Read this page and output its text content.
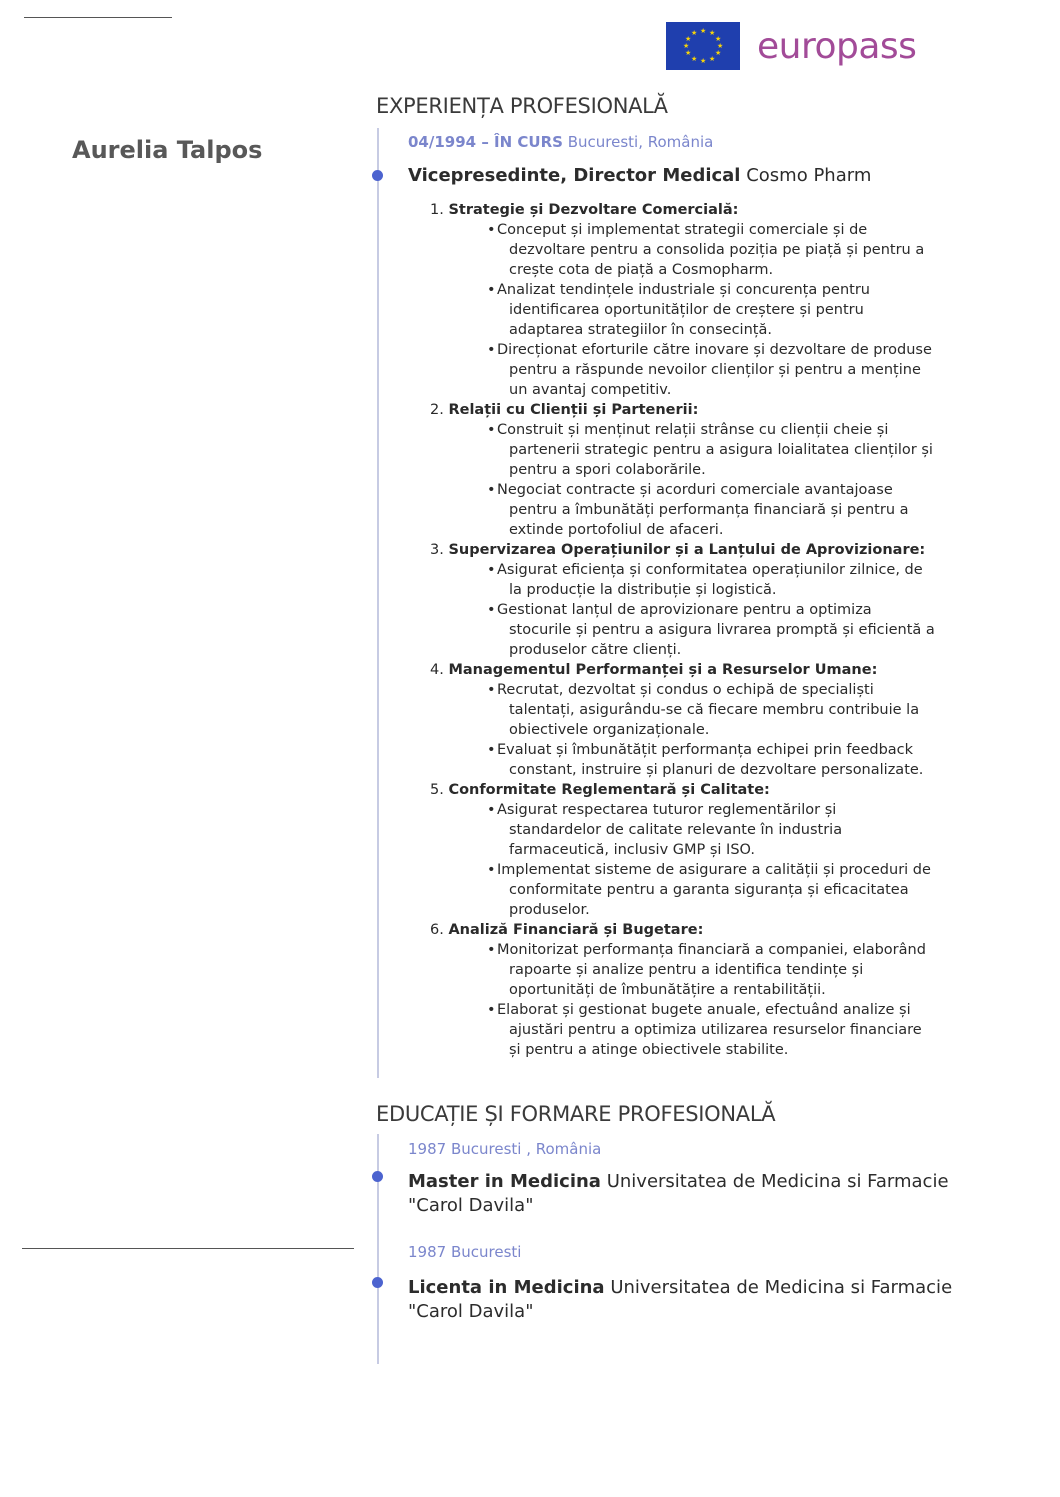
★ ★
★
★
★
★
★
★
★
★
★
★ europass
Aurelia Talpos
EXPERIENȚA PROFESIONALĂ
04/1994 – ÎN CURS Bucuresti, România
Vicepresedinte, Director Medical Cosmo Pharm
1. Strategie și Dezvoltare Comercială:
• Conceput și implementat strategii comerciale și de
dezvoltare pentru a consolida poziția pe piață și pentru a
crește cota de piață a Cosmopharm.
• Analizat tendințele industriale și concurența pentru
identificarea oportunităților de creștere și pentru
adaptarea strategiilor în consecință.
• Direcționat eforturile către inovare și dezvoltare de produse
pentru a răspunde nevoilor clienților și pentru a menține
un avantaj competitiv.
2. Relații cu Clienții și Partenerii:
• Construit și menținut relații strânse cu clienții cheie și
partenerii strategic pentru a asigura loialitatea clienților și
pentru a spori colaborările.
• Negociat contracte și acorduri comerciale avantajoase
pentru a îmbunătăți performanța financiară și pentru a
extinde portofoliul de afaceri.
3. Supervizarea Operațiunilor și a Lanțului de Aprovizionare:
• Asigurat eficiența și conformitatea operațiunilor zilnice, de
la producție la distribuție și logistică.
• Gestionat lanțul de aprovizionare pentru a optimiza
stocurile și pentru a asigura livrarea promptă și eficientă a
produselor către clienți.
4. Managementul Performanței și a Resurselor Umane:
• Recrutat, dezvoltat și condus o echipă de specialiști
talentați, asigurându-se că fiecare membru contribuie la
obiectivele organizaționale.
• Evaluat și îmbunătățit performanța echipei prin feedback
constant, instruire și planuri de dezvoltare personalizate.
5. Conformitate Reglementară și Calitate:
• Asigurat respectarea tuturor reglementărilor și
standardelor de calitate relevante în industria
farmaceutică, inclusiv GMP și ISO.
• Implementat sisteme de asigurare a calității și proceduri de
conformitate pentru a garanta siguranța și eficacitatea
produselor.
6. Analiză Financiară și Bugetare:
• Monitorizat performanța financiară a companiei, elaborând
rapoarte și analize pentru a identifica tendințe și
oportunități de îmbunătățire a rentabilității.
• Elaborat și gestionat bugete anuale, efectuând analize și
ajustări pentru a optimiza utilizarea resurselor financiare
și pentru a atinge obiectivele stabilite.
EDUCAȚIE ȘI FORMARE PROFESIONALĂ
1987 Bucuresti , România
Master in Medicina Universitatea de Medicina si Farmacie
"Carol Davila"
1987 Bucuresti
Licenta in Medicina Universitatea de Medicina si Farmacie
"Carol Davila"
